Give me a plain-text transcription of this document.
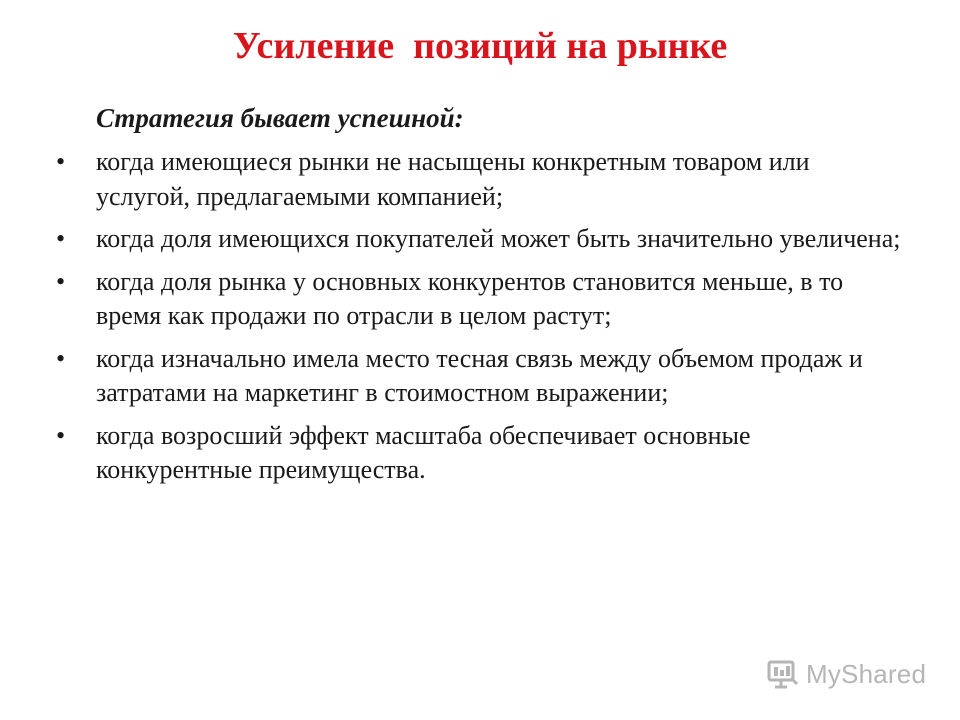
Усиление  позиций на рынке
Стратегия бывает успешной:
• когда имеющиеся рынки не насыщены конкретным товаром или услугой, предлагаемыми компанией;
• когда доля имеющихся покупателей может быть значительно увеличена;
• когда доля рынка у основных конкурентов становится меньше, в то время как продажи по отрасли в целом растут;
• когда изначально имела место тесная связь между объемом продаж и затратами на маркетинг в стоимостном выражении;
• когда возросший эффект масштаба обеспечивает основные конкурентные преимущества.
MyShared
